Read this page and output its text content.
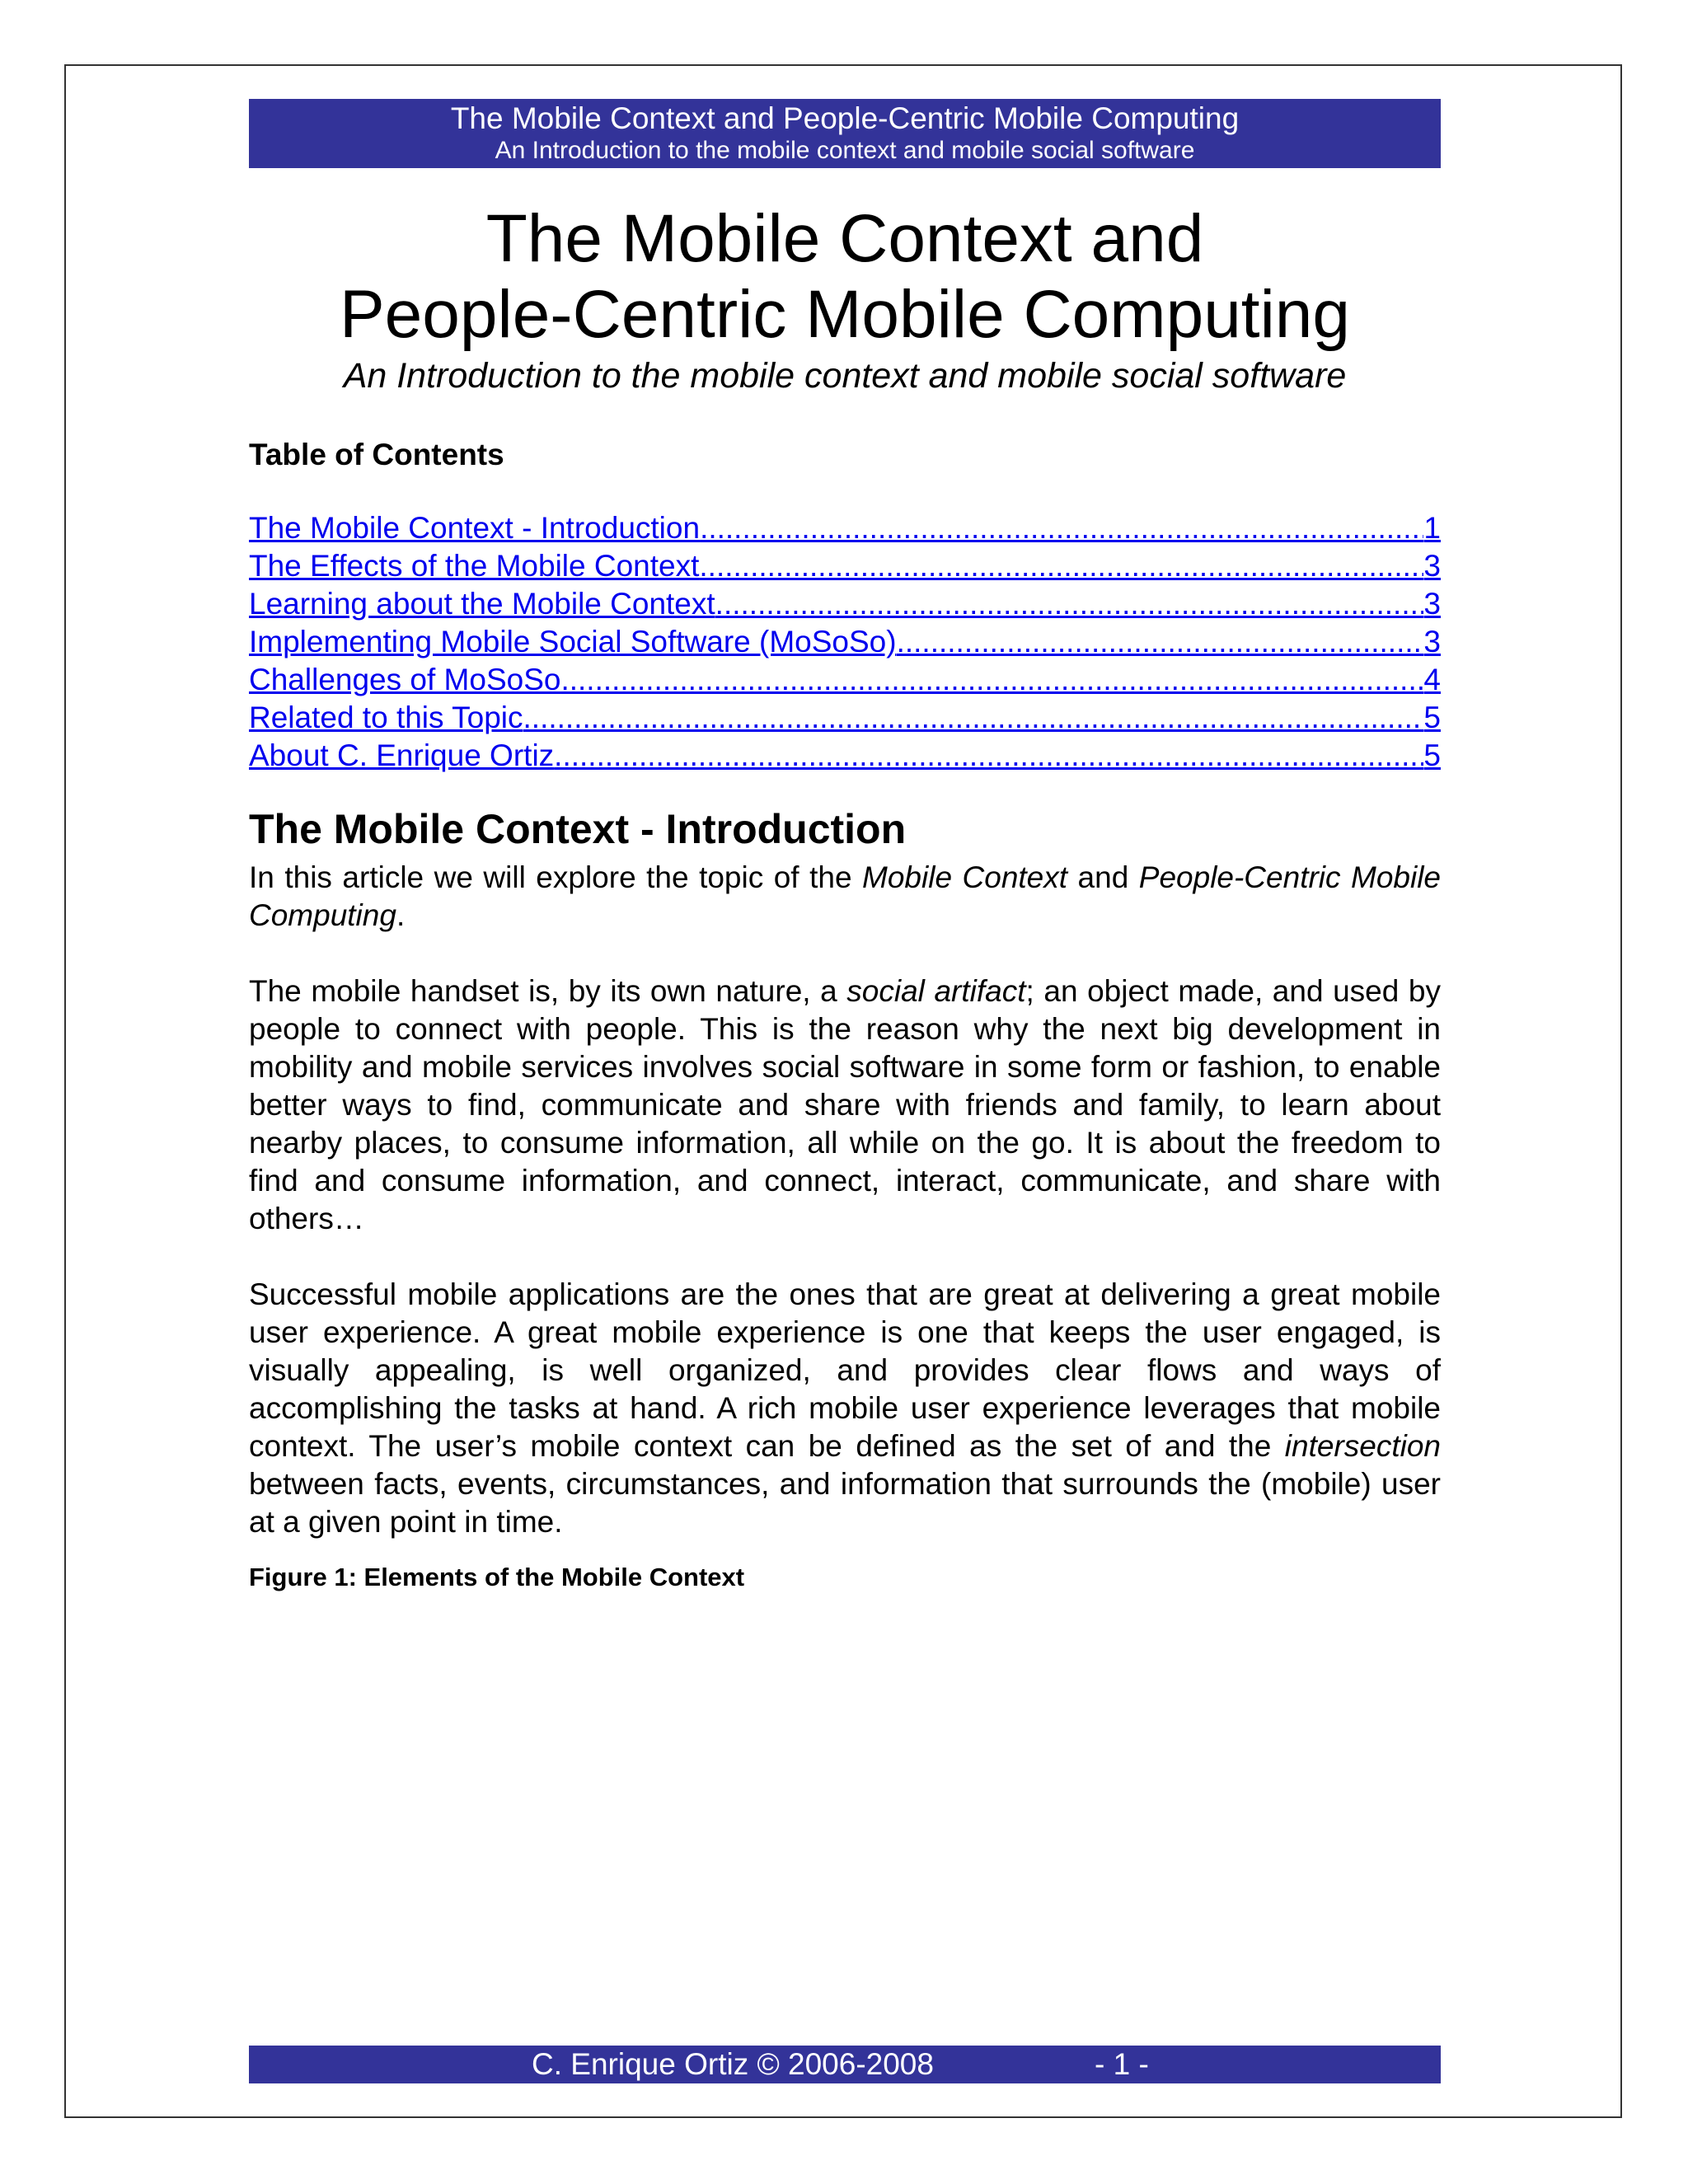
The Mobile Context and People-Centric Mobile Computing
An Introduction to the mobile context and mobile social software
The Mobile Context and
People-Centric Mobile Computing
An Introduction to the mobile context and mobile social software
Table of Contents
The Mobile Context - Introduction .....	1
The Effects of the Mobile Context .....	3
Learning about the Mobile Context .....	3
Implementing Mobile Social Software (MoSoSo) .....	3
Challenges of MoSoSo .....	4
Related to this Topic .....	5
About C. Enrique Ortiz .....	5
The Mobile Context - Introduction

In this article we will explore the topic of the Mobile Context and People-Centric Mobile Computing.

The mobile handset is, by its own nature, a social artifact; an object made, and used by people to connect with people. This is the reason why the next big development in mobility and mobile services involves social software in some form or fashion, to enable better ways to find, communicate and share with friends and family, to learn about nearby places, to consume information, all while on the go. It is about the freedom to find and consume information, and connect, interact, communicate, and share with others…

Successful mobile applications are the ones that are great at delivering a great mobile user experience. A great mobile experience is one that keeps the user engaged, is visually appealing, is well organized, and provides clear flows and ways of accomplishing the tasks at hand. A rich mobile user experience leverages that mobile context. The user’s mobile context can be defined as the set of and the intersection between facts, events, circumstances, and information that surrounds the (mobile) user at a given point in time.

Figure 1: Elements of the Mobile Context
C. Enrique Ortiz © 2006-2008	- 1 -
